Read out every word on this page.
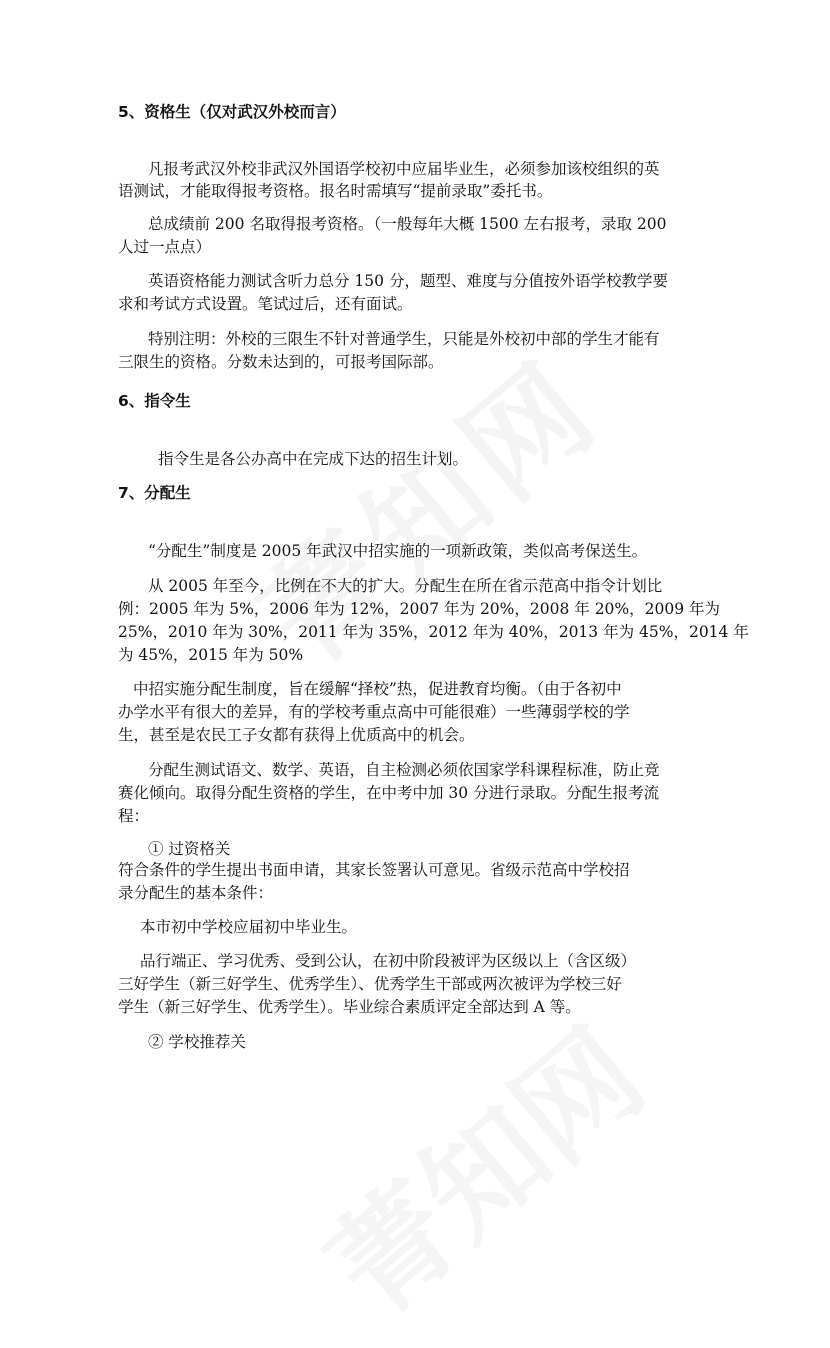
5、资格生（仅对武汉外校而言）
凡报考武汉外校非武汉外国语学校初中应届毕业生，必须参加该校组织的英
语测试，才能取得报考资格。报名时需填写“提前录取”委托书。
总成绩前 200 名取得报考资格。（一般每年大概 1500 左右报考，录取 200
人过一点点）
英语资格能力测试含听力总分 150 分，题型、难度与分值按外语学校教学要
求和考试方式设置。笔试过后，还有面试。
特别注明：外校的三限生不针对普通学生，只能是外校初中部的学生才能有
三限生的资格。分数未达到的，可报考国际部。
6、指令生
指令生是各公办高中在完成下达的招生计划。
7、分配生
“分配生”制度是 2005 年武汉中招实施的一项新政策，类似高考保送生。
从 2005 年至今，比例在不大的扩大。分配生在所在省示范高中指令计划比
例：2005 年为 5%，2006 年为 12%，2007 年为 20%，2008 年 20%，2009 年为
25%，2010 年为 30%，2011 年为 35%，2012 年为 40%，2013 年为 45%，2014 年
为 45%，2015 年为 50%
中招实施分配生制度，旨在缓解“择校”热，促进教育均衡。（由于各初中
办学水平有很大的差异，有的学校考重点高中可能很难）一些薄弱学校的学
生，甚至是农民工子女都有获得上优质高中的机会。
分配生测试语文、数学、英语，自主检测必须依国家学科课程标准，防止竞
赛化倾向。取得分配生资格的学生，在中考中加 30 分进行录取。分配生报考流
程：
① 过资格关
符合条件的学生提出书面申请，其家长签署认可意见。省级示范高中学校招
录分配生的基本条件：
本市初中学校应届初中毕业生。
品行端正、学习优秀、受到公认，在初中阶段被评为区级以上（含区级）
三好学生（新三好学生、优秀学生）、优秀学生干部或两次被评为学校三好
学生（新三好学生、优秀学生）。毕业综合素质评定全部达到 A 等。
② 学校推荐关
